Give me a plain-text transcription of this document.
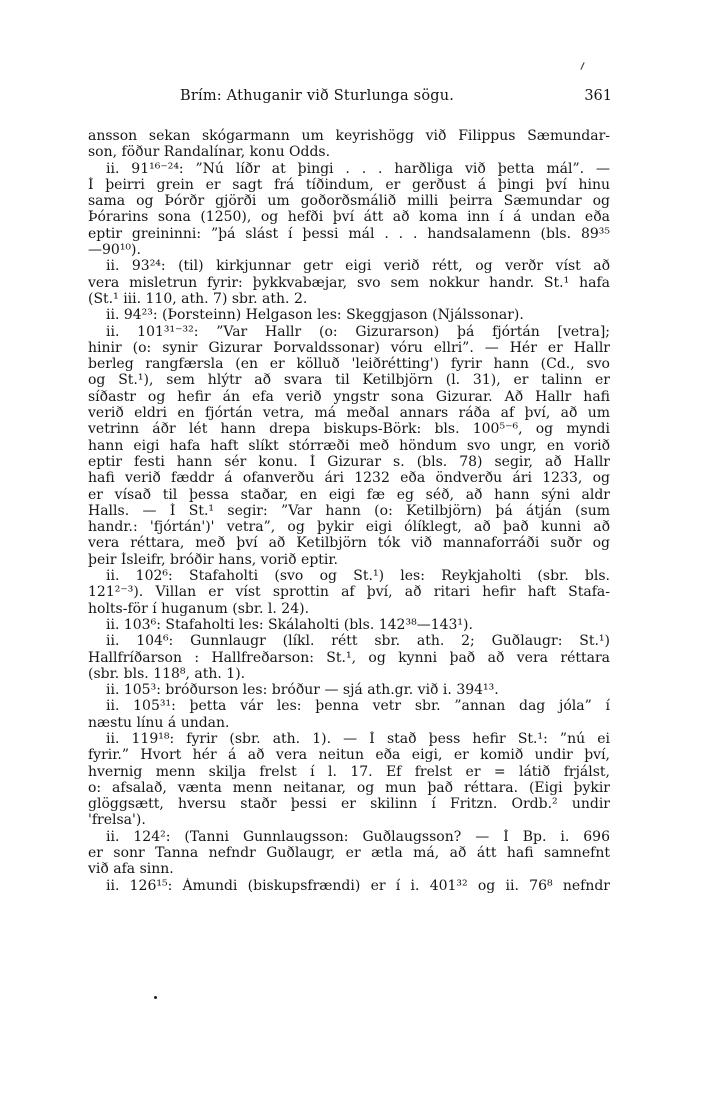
Brím: Athuganir við Sturlunga sögu.	361
ansson sekan skógarmann um keyrishögg við Filippus Sæmundar-
son, föður Randalínar, konu Odds.
ii. 91¹⁶⁻²⁴: ”Nú líðr at þingi . . . harðliga við þetta mál”. —
Í þeirri grein er sagt frá tíðindum, er gerðust á þingi því hinu
sama og Þórðr gjörði um goðorðsmálið milli þeirra Sæmundar og
Þórarins sona (1250), og hefði því átt að koma inn í á undan eða
eptir greininni: ”þá slást í þessi mál . . . handsalamenn (bls. 89³⁵
—90¹⁰).
ii. 93²⁴: (til) kirkjunnar getr eigi verið rétt, og verðr víst að
vera misletrun fyrir: þykkvabæjar, svo sem nokkur handr. St.¹ hafa
(St.¹ iii. 110, ath. 7) sbr. ath. 2.
ii. 94²³: (Þorsteinn) Helgason les: Skeggjason (Njálssonar).
ii. 101³¹⁻³²: ”Var Hallr (o: Gizurarson) þá fjórtán [vetra];
hinir (o: synir Gizurar Þorvaldssonar) vóru ellri”. — Hér er Hallr
berleg rangfærsla (en er kölluð 'leiðrétting') fyrir hann (Cd., svo
og St.¹), sem hlýtr að svara til Ketilbjörn (l. 31), er talinn er
síðastr og hefir án efa verið yngstr sona Gizurar. Að Hallr hafi
verið eldri en fjórtán vetra, má meðal annars ráða af því, að um
vetrinn áðr lét hann drepa biskups-Börk: bls. 100⁵⁻⁶, og myndi
hann eigi hafa haft slíkt stórræði með höndum svo ungr, en vorið
eptir festi hann sér konu. Í Gizurar s. (bls. 78) segir, að Hallr
hafi verið fæddr á ofanverðu ári 1232 eða öndverðu ári 1233, og
er vísað til þessa staðar, en eigi fæ eg séð, að hann sýni aldr
Halls. — Í St.¹ segir: ”Var hann (o: Ketilbjörn) þá átján (sum
handr.: 'fjórtán')' vetra”, og þykir eigi ólíklegt, að það kunni að
vera réttara, með því að Ketilbjörn tók við mannaforráði suðr og
þeir Ísleifr, bróðir hans, vorið eptir.
ii. 102⁶: Stafaholti (svo og St.¹) les: Reykjaholti (sbr. bls.
121²⁻³). Villan er víst sprottin af því, að ritari hefir haft Stafa-
holts-för í huganum (sbr. l. 24).
ii. 103⁶: Stafaholti les: Skálaholti (bls. 142³⁸—143¹).
ii. 104⁶: Gunnlaugr (líkl. rétt sbr. ath. 2; Guðlaugr: St.¹)
Hallfríðarson : Hallfreðarson: St.¹, og kynni það að vera réttara
(sbr. bls. 118⁸, ath. 1).
ii. 105³: bróðurson les: bróður — sjá ath.gr. við i. 394¹³.
ii. 105³¹: þetta vár les: þenna vetr sbr. ”annan dag jóla” í
næstu línu á undan.
ii. 119¹⁸: fyrir (sbr. ath. 1). — Í stað þess hefir St.¹: ”nú ei
fyrir.” Hvort hér á að vera neitun eða eigi, er komið undir því,
hvernig menn skilja frelst í l. 17. Ef frelst er = látið frjálst,
o: afsalað, vænta menn neitanar, og mun það réttara. (Eigi þykir
glöggsætt, hversu staðr þessi er skilinn í Fritzn. Ordb.² undir
'frelsa').
ii. 124²: (Tanni Gunnlaugsson: Guðlaugsson? — Í Bp. i. 696
er sonr Tanna nefndr Guðlaugr, er ætla má, að átt hafi samnefnt
við afa sinn.
ii. 126¹⁵: Ámundi (biskupsfrændi) er í i. 401³² og ii. 76⁸ nefndr
